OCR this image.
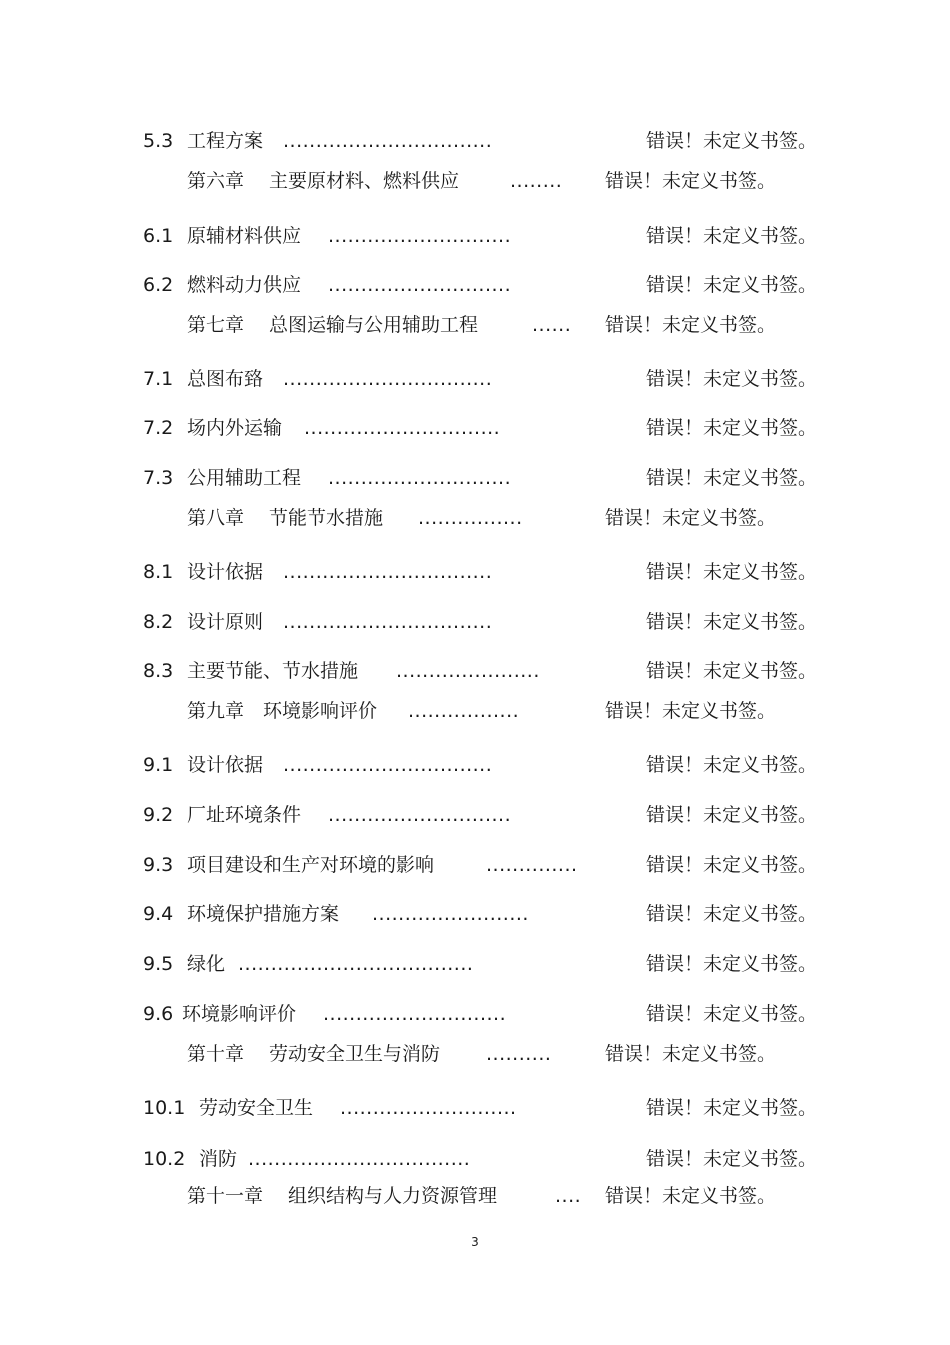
5.3 工程方案 ................................	错误！未定义书签。
第六章　 主要原材料、燃料供应	........ 错误！未定义书签。
6.1 原辅材料供应 ............................	错误！未定义书签。
6.2 燃料动力供应 ............................	错误！未定义书签。
第七章　 总图运输与公用辅助工程	...... 错误！未定义书签。
7.1 总图布臵 ................................	错误！未定义书签。
7.2 场内外运输 ..............................	错误！未定义书签。
7.3 公用辅助工程 ............................	错误！未定义书签。
第八章　 节能节水措施 ................	错误！未定义书签。
8.1 设计依据 ................................	错误！未定义书签。
8.2 设计原则 ................................	错误！未定义书签。
8.3 主要节能、节水措施 ......................	错误！未定义书签。
第九章　环境影响评价 .................	错误！未定义书签。
9.1 设计依据 ................................	错误！未定义书签。
9.2 厂址环境条件 ............................	错误！未定义书签。
9.3 项目建设和生产对环境的影响	..............	错误！未定义书签。
9.4 环境保护措施方案 ........................	错误！未定义书签。
9.5 绿化 ....................................	错误！未定义书签。
9.6 环境影响评价 ............................	错误！未定义书签。
第十章　 劳动安全卫生与消防 ..........	错误！未定义书签。
10.1 劳动安全卫生 ...........................	错误！未定义书签。
10.2 消防 ..................................	错误！未定义书签。
第十一章　 组织结构与人力资源管理	.... 错误！未定义书签。
3
